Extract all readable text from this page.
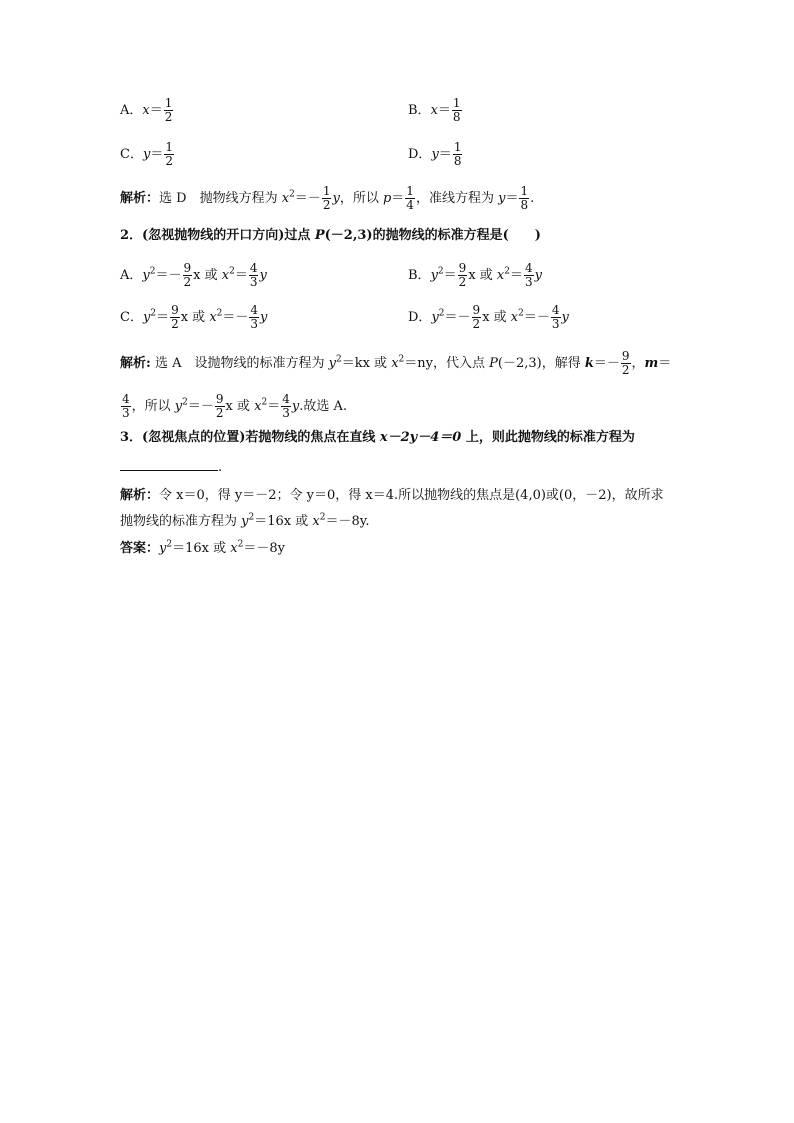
A．$x= \frac{1}{2}$	B．$x= \frac{1}{8}$
C．$y= \frac{1}{2}$	D．$y= \frac{1}{8}$
解析：选 D　抛物线方程为 $x^2=- \frac{1}{2}$ y，所以 $p= \frac{1}{4}$ ，准线方程为 $y= \frac{1}{8}$ .
2．(忽视抛物线的开口方向)过点 P(－2,3)的抛物线的标准方程是(　　)
A．$y^2=- \frac{9}{2}$ x 或 $x^2= \frac{4}{3}$ y	B．$y^2= \frac{9}{2}$ x 或 $x^2= \frac{4}{3}$ y
C．$y^2= \frac{9}{2}$ x 或 $x^2=- \frac{4}{3}$ y	D．$y^2=- \frac{9}{2}$ x 或 $x^2=- \frac{4}{3}$ y
解析: 选 A　设抛物线的标准方程为 $y^2=kx$ 或 $x^2=ny$，代入点 P(－2,3)，解得 $k=- \frac{9}{2}$ ，m＝
$\frac{4}{3}$ ，所以 $y^2=- \frac{9}{2}$ x 或 $x^2= \frac{4}{3} y$.故选 A.
3．(忽视焦点的位置)若抛物线的焦点在直线 x－2y－4＝0 上，则此抛物线的标准方程为
.
解析：令 x＝0，得 y＝－2；令 y＝0，得 x＝4.所以抛物线的焦点是(4,0)或(0，－2)，故所求
抛物线的标准方程为 $y^2=16x$ 或 $x^2=-8y$.
答案：$y^2=16x$ 或 $x^2=-8y$
